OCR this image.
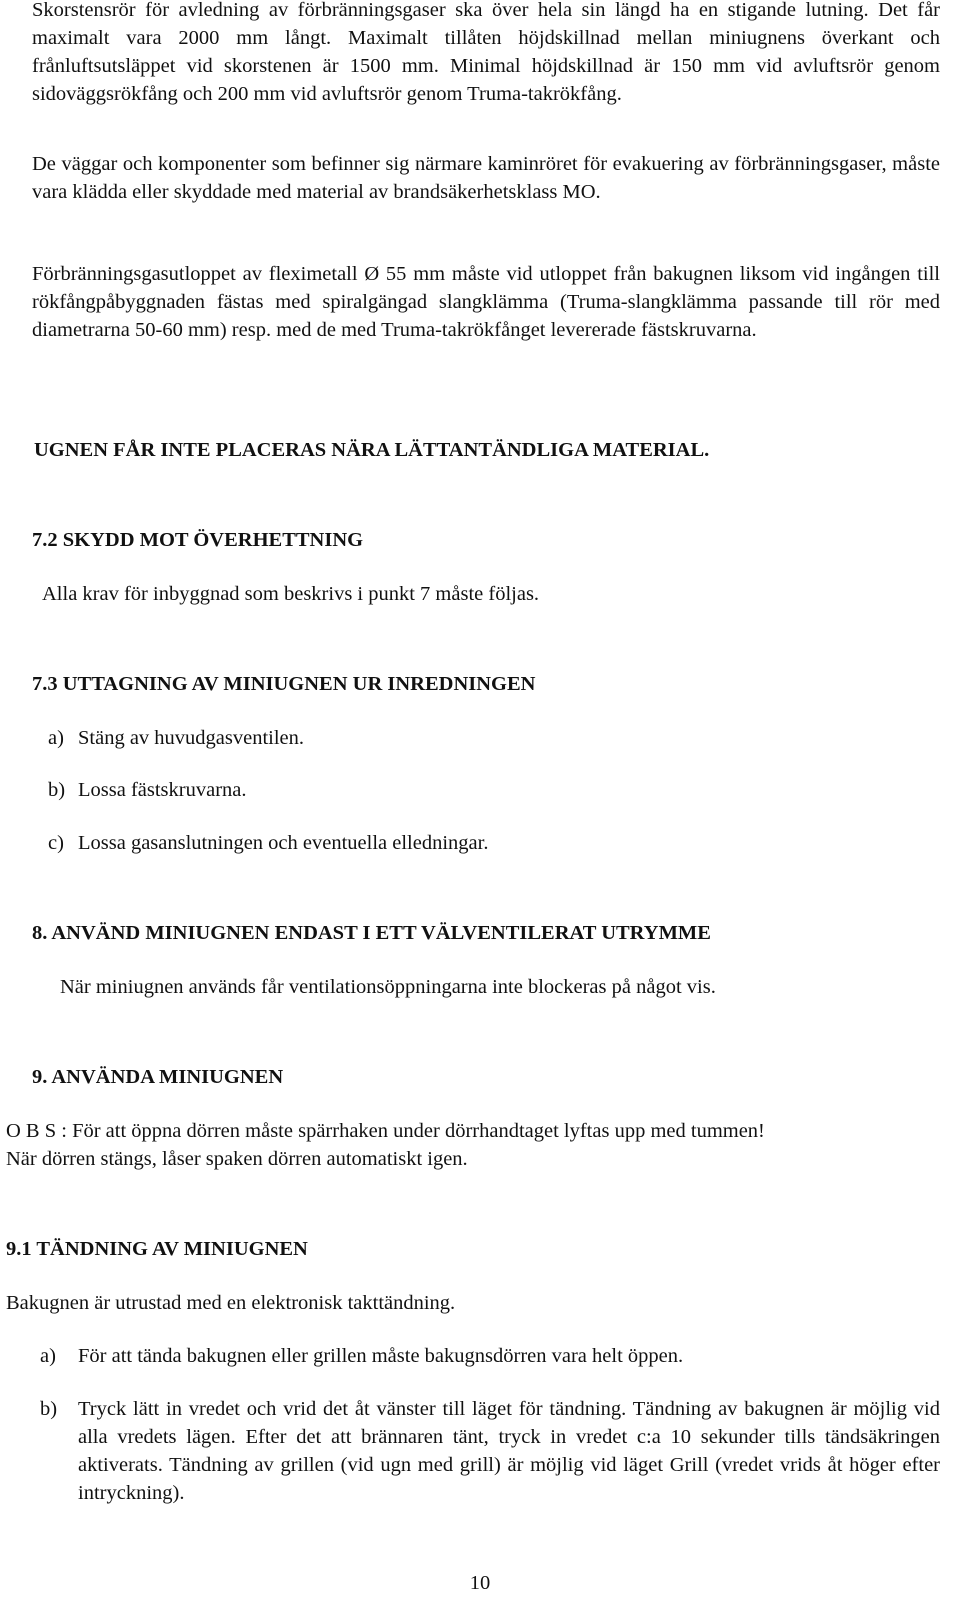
Skorstensrör för avledning av förbränningsgaser ska över hela sin längd ha en stigande lutning. Det får maximalt vara 2000 mm långt. Maximalt tillåten höjdskillnad mellan miniugnens överkant och frånluftsutsläppet vid skorstenen är 1500 mm. Minimal höjdskillnad är 150 mm vid avluftsrör genom sidoväggsrökfång och 200 mm vid avluftsrör genom Truma-takrökfång.

De väggar och komponenter som befinner sig närmare kaminröret för evakuering av förbränningsgaser, måste vara klädda eller skyddade med material av brandsäkerhetsklass MO.

Förbränningsgasutloppet av fleximetall Ø 55 mm måste vid utloppet från bakugnen liksom vid ingången till rökfångpåbyggnaden fästas med spiralgängad slangklämma (Truma-slangklämma passande till rör med diametrarna 50-60 mm) resp. med de med Truma-takrökfånget levererade fästskruvarna.

UGNEN FÅR INTE PLACERAS NÄRA LÄTTANTÄNDLIGA MATERIAL.
7.2 SKYDD MOT ÖVERHETTNING
Alla krav för inbyggnad som beskrivs i punkt 7 måste följas.
7.3 UTTAGNING AV MINIUGNEN UR INREDNINGEN
a) Stäng av huvudgasventilen.
b) Lossa fästskruvarna.
c) Lossa gasanslutningen och eventuella elledningar.
8. ANVÄND MINIUGNEN ENDAST I ETT VÄLVENTILERAT UTRYMME
När miniugnen används får ventilationsöppningarna inte blockeras på något vis.
9. ANVÄNDA MINIUGNEN
O B S : För att öppna dörren måste spärrhaken under dörrhandtaget lyftas upp med tummen!
När dörren stängs, låser spaken dörren automatiskt igen.
9.1 TÄNDNING AV MINIUGNEN
Bakugnen är utrustad med en elektronisk takttändning.
a)	För att tända bakugnen eller grillen måste bakugnsdörren vara helt öppen.
b)	Tryck lätt in vredet och vrid det åt vänster till läget för tändning. Tändning av bakugnen är möjlig vid alla vredets lägen. Efter det att brännaren tänt, tryck in vredet c:a 10 sekunder tills tändsäkringen aktiverats. Tändning av grillen (vid ugn med grill) är möjlig vid läget Grill (vredet vrids åt höger efter intryckning).
10
